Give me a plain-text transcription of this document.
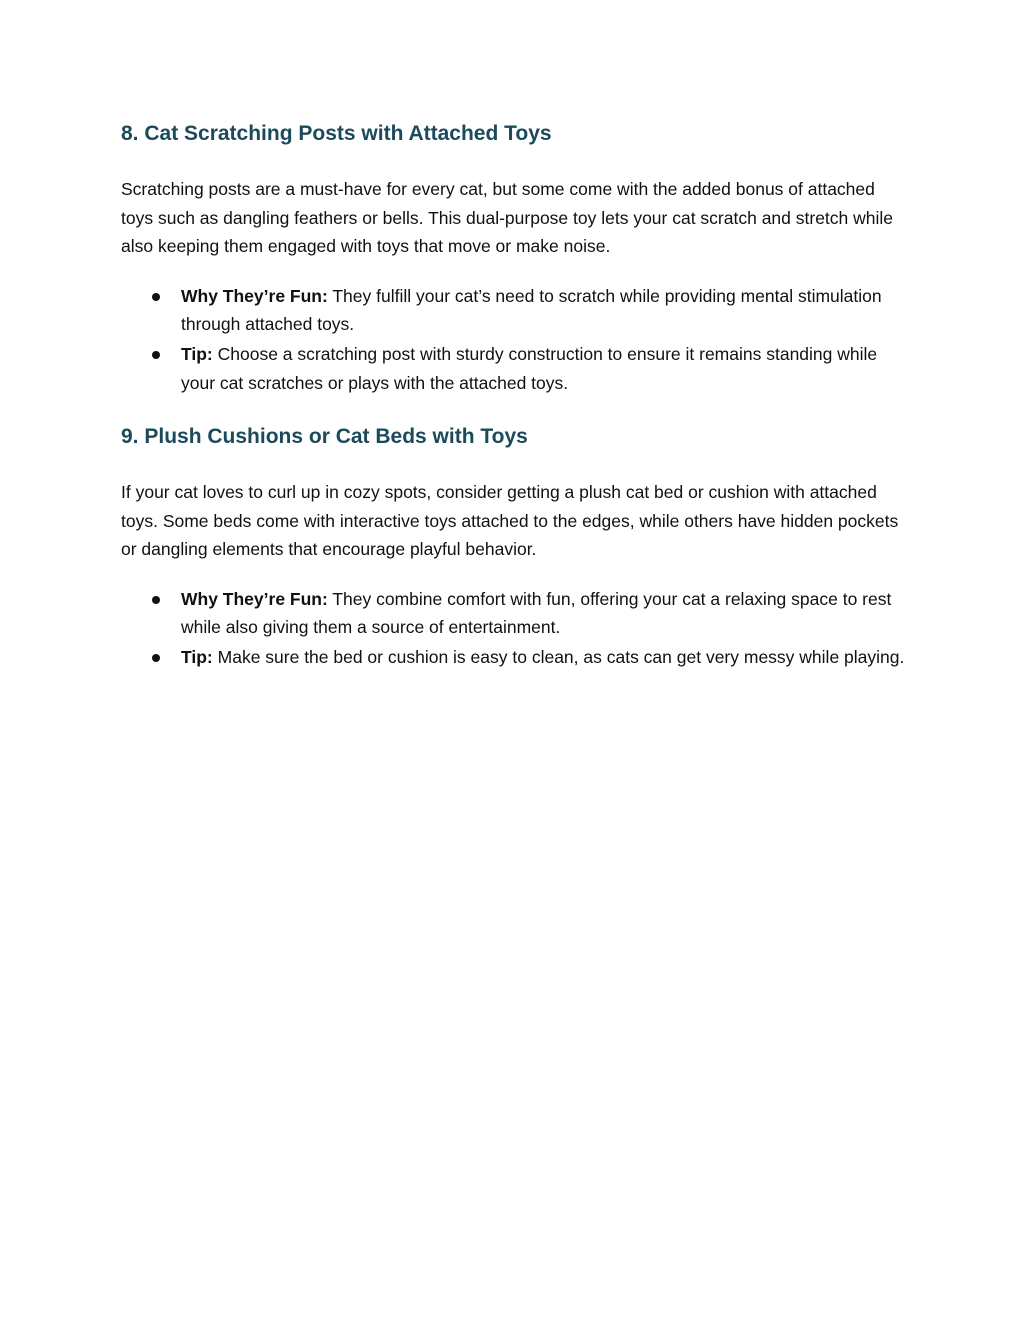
8. Cat Scratching Posts with Attached Toys

Scratching posts are a must-have for every cat, but some come with the added bonus of attached toys such as dangling feathers or bells. This dual-purpose toy lets your cat scratch and stretch while also keeping them engaged with toys that move or make noise.

Why They’re Fun: They fulfill your cat’s need to scratch while providing mental stimulation through attached toys.
Tip: Choose a scratching post with sturdy construction to ensure it remains standing while your cat scratches or plays with the attached toys.
9. Plush Cushions or Cat Beds with Toys

If your cat loves to curl up in cozy spots, consider getting a plush cat bed or cushion with attached toys. Some beds come with interactive toys attached to the edges, while others have hidden pockets or dangling elements that encourage playful behavior.

Why They’re Fun: They combine comfort with fun, offering your cat a relaxing space to rest while also giving them a source of entertainment.
Tip: Make sure the bed or cushion is easy to clean, as cats can get very messy while playing.
